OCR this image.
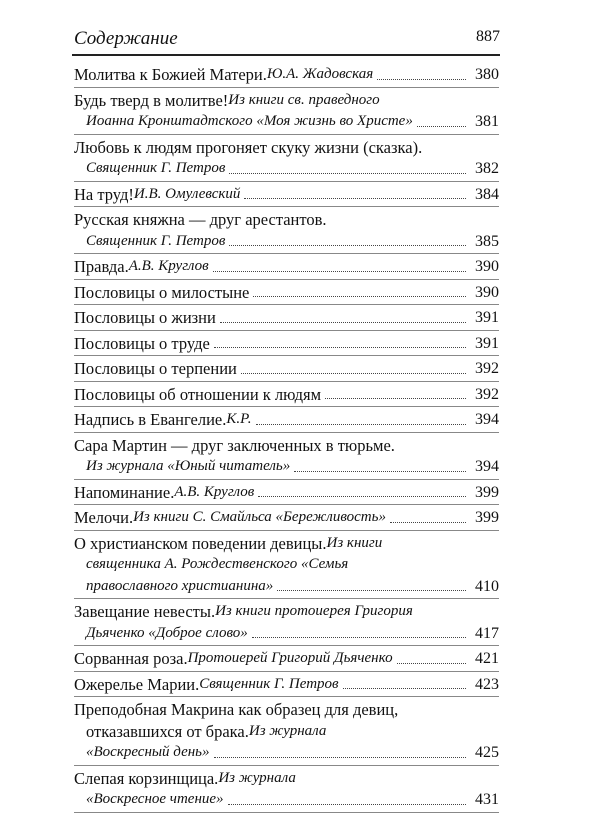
Содержание	887
Молитва к Божией Матери. Ю.А. Жадовская	380
Будь тверд в молитве! Из книги св. праведного
Иоанна Кронштадтского «Моя жизнь во Христе»	381
Любовь к людям прогоняет скуку жизни (сказка).
Священник Г. Петров	382
На труд! И.В. Омулевский	384
Русская княжна — друг арестантов.
Священник Г. Петров	385
Правда. А.В. Круглов	390
Пословицы о милостыне	390
Пословицы о жизни	391
Пословицы о труде	391
Пословицы о терпении	392
Пословицы об отношении к людям	392
Надпись в Евангелие. К.Р.	394
Сара Мартин — друг заключенных в тюрьме.
Из журнала «Юный читатель»	394
Напоминание. А.В. Круглов	399
Мелочи. Из книги С. Смайльса «Бережливость»	399
О христианском поведении девицы. Из книги
священника А. Рождественского «Семья
православного христианина»	410
Завещание невесты. Из книги протоиерея Григория
Дьяченко «Доброе слово»	417
Сорванная роза. Протоиерей Григорий Дьяченко	421
Ожерелье Марии. Священник Г. Петров	423
Преподобная Макрина как образец для девиц,
отказавшихся от брака. Из журнала
«Воскресный день»	425
Слепая корзинщица. Из журнала
«Воскресное чтение»	431
